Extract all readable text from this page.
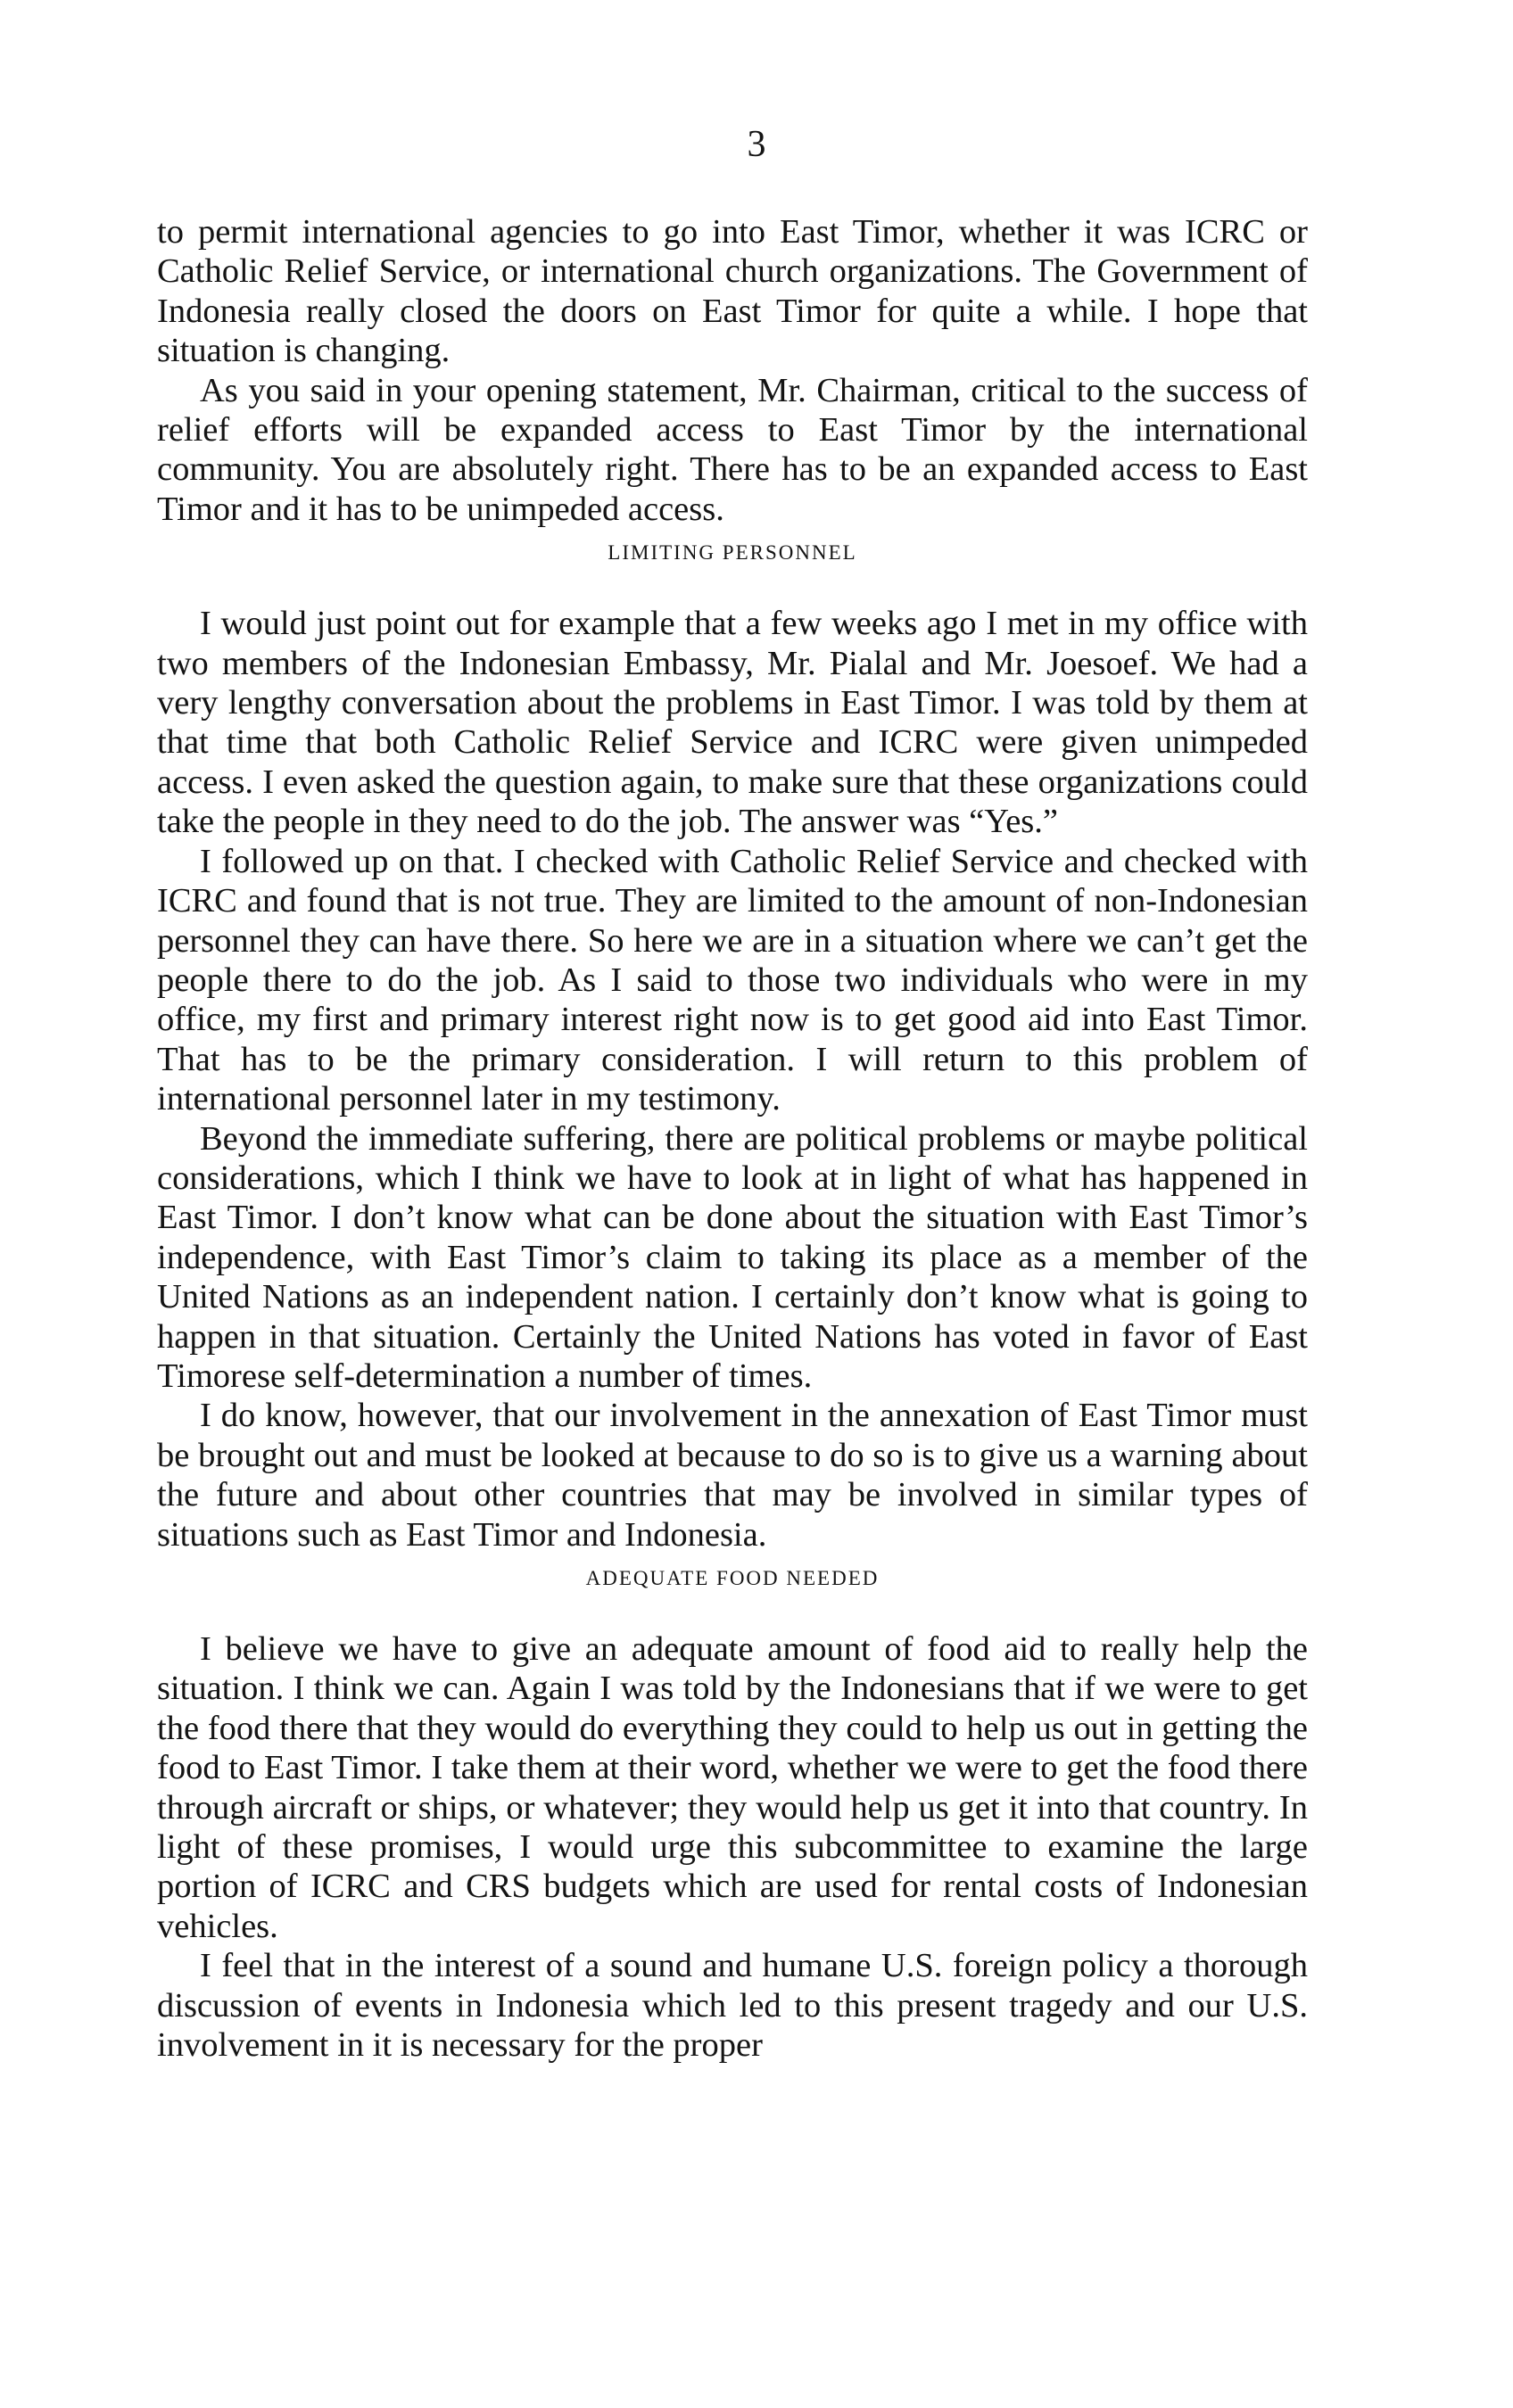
3

to permit international agencies to go into East Timor, whether it was ICRC or Catholic Relief Service, or international church organizations. The Government of Indonesia really closed the doors on East Timor for quite a while. I hope that situation is changing.

As you said in your opening statement, Mr. Chairman, critical to the success of relief efforts will be expanded access to East Timor by the international community. You are absolutely right. There has to be an expanded access to East Timor and it has to be unimpeded access.

LIMITING PERSONNEL

I would just point out for example that a few weeks ago I met in my office with two members of the Indonesian Embassy, Mr. Pialal and Mr. Joesoef. We had a very lengthy conversation about the problems in East Timor. I was told by them at that time that both Catholic Relief Service and ICRC were given unimpeded access. I even asked the question again, to make sure that these organizations could take the people in they need to do the job. The answer was “Yes.”

I followed up on that. I checked with Catholic Relief Service and checked with ICRC and found that is not true. They are limited to the amount of non-Indonesian personnel they can have there. So here we are in a situation where we can’t get the people there to do the job. As I said to those two individuals who were in my office, my first and primary interest right now is to get good aid into East Timor. That has to be the primary consideration. I will return to this problem of international personnel later in my testimony.

Beyond the immediate suffering, there are political problems or maybe political considerations, which I think we have to look at in light of what has happened in East Timor. I don’t know what can be done about the situation with East Timor’s independence, with East Timor’s claim to taking its place as a member of the United Nations as an independent nation. I certainly don’t know what is going to happen in that situation. Certainly the United Nations has voted in favor of East Timorese self-determination a number of times.

I do know, however, that our involvement in the annexation of East Timor must be brought out and must be looked at because to do so is to give us a warning about the future and about other countries that may be involved in similar types of situations such as East Timor and Indonesia.

ADEQUATE FOOD NEEDED

I believe we have to give an adequate amount of food aid to really help the situation. I think we can. Again I was told by the Indonesians that if we were to get the food there that they would do everything they could to help us out in getting the food to East Timor. I take them at their word, whether we were to get the food there through aircraft or ships, or whatever; they would help us get it into that country. In light of these promises, I would urge this subcommittee to examine the large portion of ICRC and CRS budgets which are used for rental costs of Indonesian vehicles.

I feel that in the interest of a sound and humane U.S. foreign policy a thorough discussion of events in Indonesia which led to this present tragedy and our U.S. involvement in it is necessary for the proper
